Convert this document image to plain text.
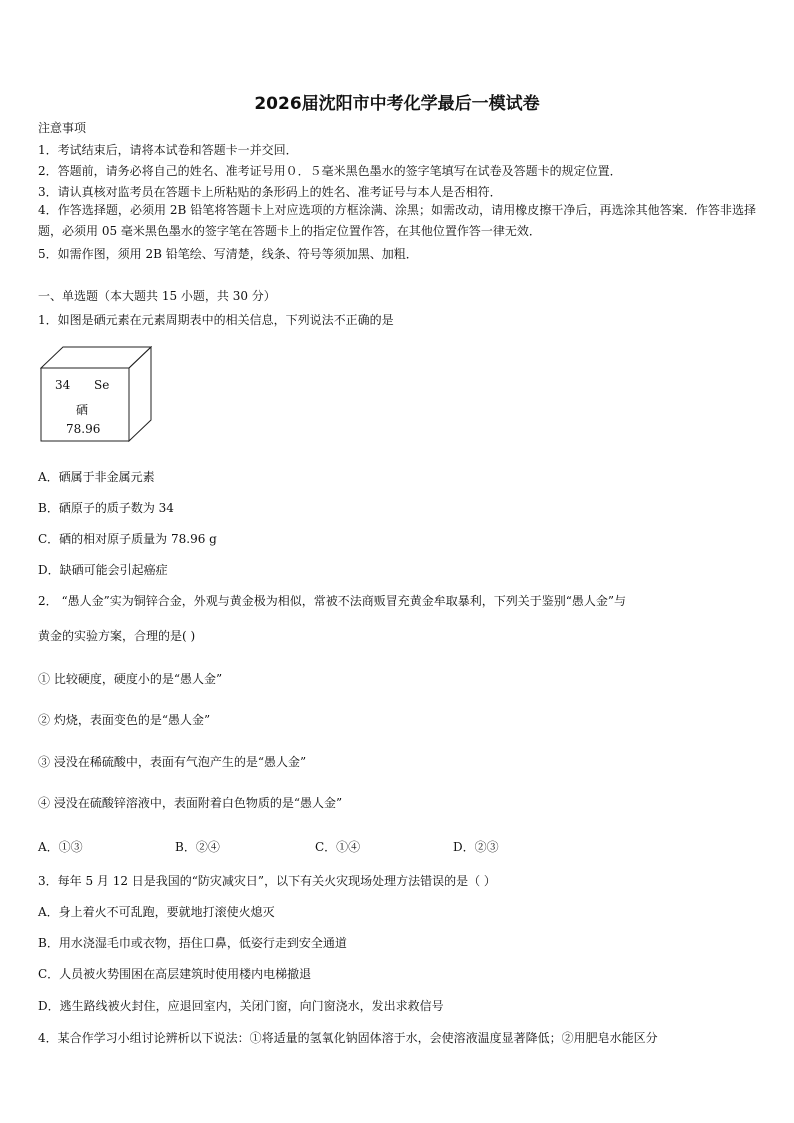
2026届沈阳市中考化学最后一模试卷
注意事项
1．考试结束后，请将本试卷和答题卡一并交回．
2．答题前，请务必将自己的姓名、准考证号用０．５毫米黑色墨水的签字笔填写在试卷及答题卡的规定位置．
3．请认真核对监考员在答题卡上所粘贴的条形码上的姓名、准考证号与本人是否相符．
4．作答选择题，必须用 2B 铅笔将答题卡上对应选项的方框涂满、涂黑；如需改动，请用橡皮擦干净后，再选涂其他答案．作答非选择题，必须用 05 毫米黑色墨水的签字笔在答题卡上的指定位置作答，在其他位置作答一律无效．
5．如需作图，须用 2B 铅笔绘、写清楚，线条、符号等须加黑、加粗．
一、单选题（本大题共 15 小题，共 30 分）
1．如图是硒元素在元素周期表中的相关信息，下列说法不正确的是
34 Se
硒
78.96
A．硒属于非金属元素
B．硒原子的质子数为 34
C．硒的相对原子质量为 78.96 g
D．缺硒可能会引起癌症
2． “愚人金”实为铜锌合金，外观与黄金极为相似，常被不法商贩冒充黄金牟取暴利，下列关于鉴别“愚人金”与
黄金的实验方案，合理的是( )
① 比较硬度，硬度小的是“愚人金”
② 灼烧，表面变色的是“愚人金”
③ 浸没在稀硫酸中，表面有气泡产生的是“愚人金”
④ 浸没在硫酸锌溶液中，表面附着白色物质的是“愚人金”
A．①③	B．②④	C．①④	D．②③
3．每年 5 月 12 日是我国的“防灾减灾日”，以下有关火灾现场处理方法错误的是（ ）
A．身上着火不可乱跑，要就地打滚使火熄灭
B．用水浇湿毛巾或衣物，捂住口鼻，低姿行走到安全通道
C．人员被火势围困在高层建筑时使用楼内电梯撤退
D．逃生路线被火封住，应退回室内，关闭门窗，向门窗浇水，发出求救信号
4．某合作学习小组讨论辨析以下说法：①将适量的氢氧化钠固体溶于水，会使溶液温度显著降低；②用肥皂水能区分
